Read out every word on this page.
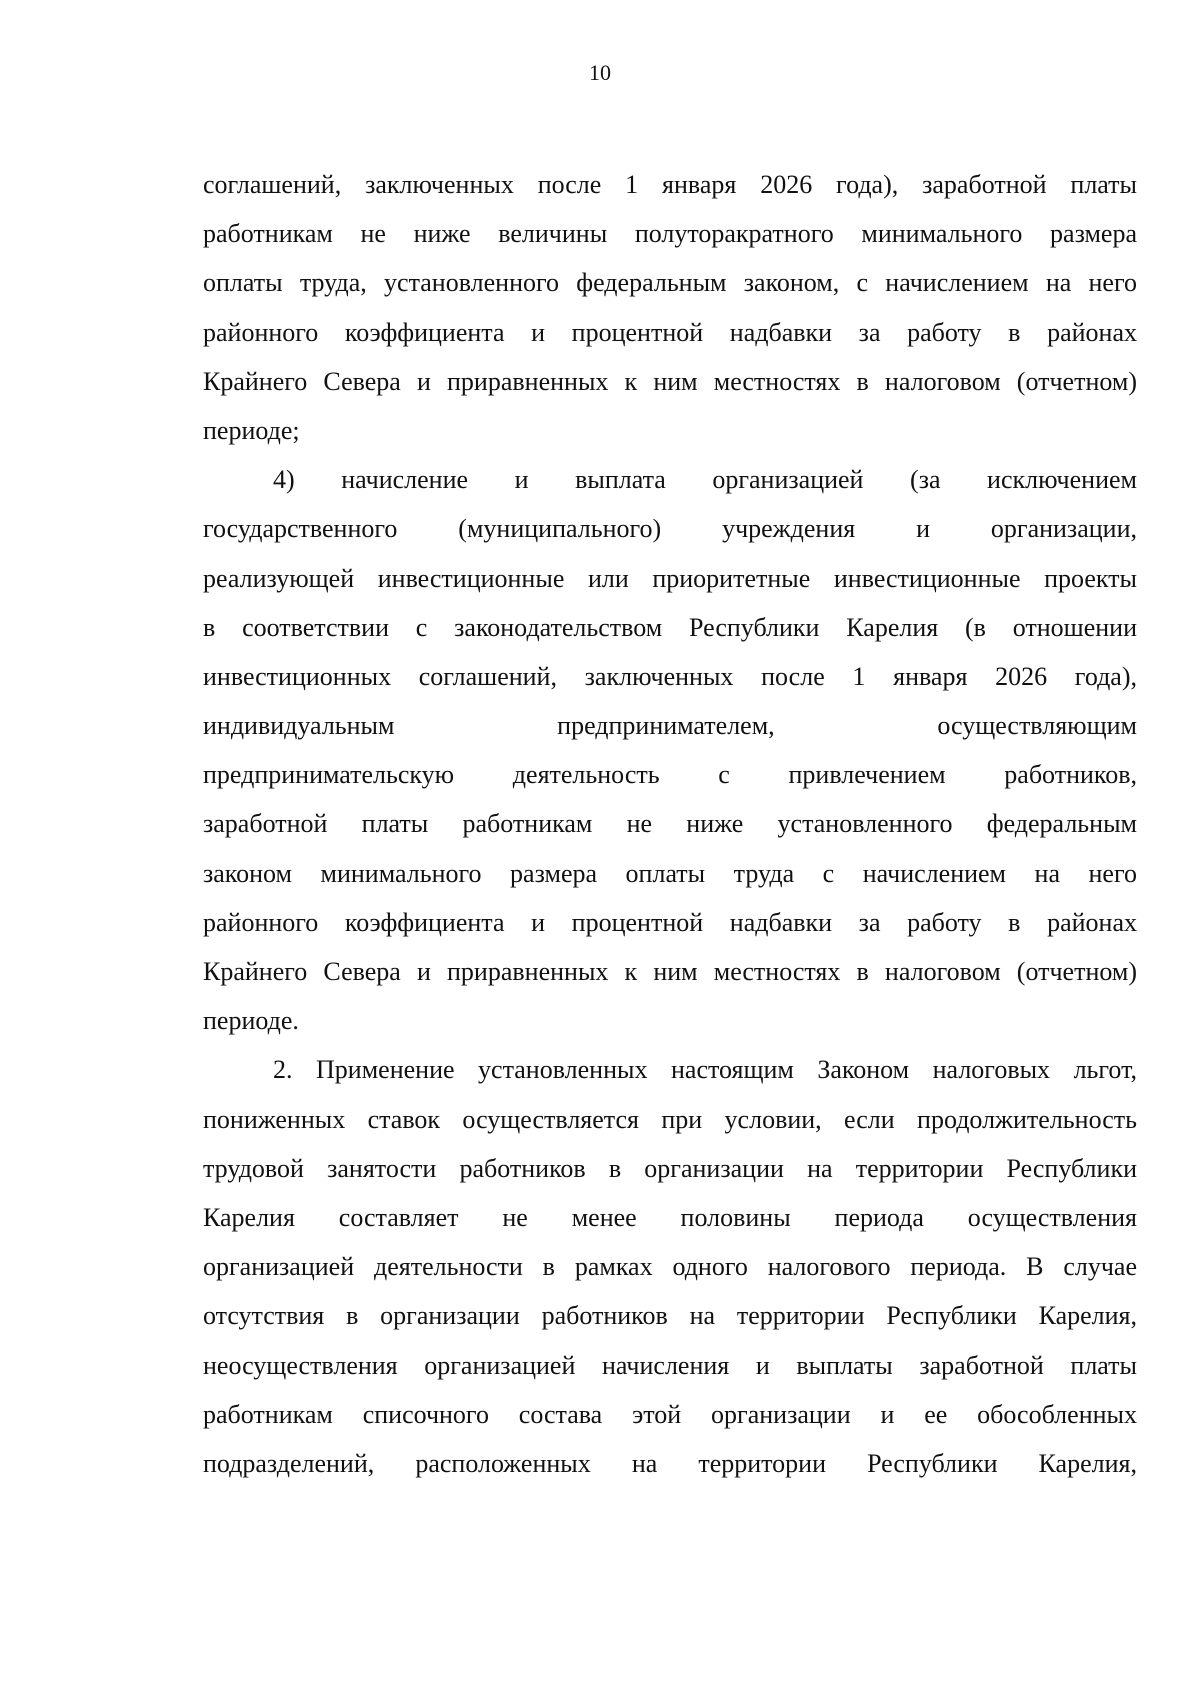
10
соглашений, заключенных после 1 января 2026 года), заработной платы
работникам не ниже величины полуторакратного минимального размера
оплаты труда, установленного федеральным законом, с начислением на него
районного коэффициента и процентной надбавки за работу в районах
Крайнего Севера и приравненных к ним местностях в налоговом (отчетном)
периоде;
4) начисление и выплата организацией (за исключением
государственного (муниципального) учреждения и организации,
реализующей инвестиционные или приоритетные инвестиционные проекты
в соответствии с законодательством Республики Карелия (в отношении
инвестиционных соглашений, заключенных после 1 января 2026 года),
индивидуальным предпринимателем, осуществляющим
предпринимательскую деятельность с привлечением работников,
заработной платы работникам не ниже установленного федеральным
законом минимального размера оплаты труда с начислением на него
районного коэффициента и процентной надбавки за работу в районах
Крайнего Севера и приравненных к ним местностях в налоговом (отчетном)
периоде.
2. Применение установленных настоящим Законом налоговых льгот,
пониженных ставок осуществляется при условии, если продолжительность
трудовой занятости работников в организации на территории Республики
Карелия составляет не менее половины периода осуществления
организацией деятельности в рамках одного налогового периода. В случае
отсутствия в организации работников на территории Республики Карелия,
неосуществления организацией начисления и выплаты заработной платы
работникам списочного состава этой организации и ее обособленных
подразделений, расположенных на территории Республики Карелия,
